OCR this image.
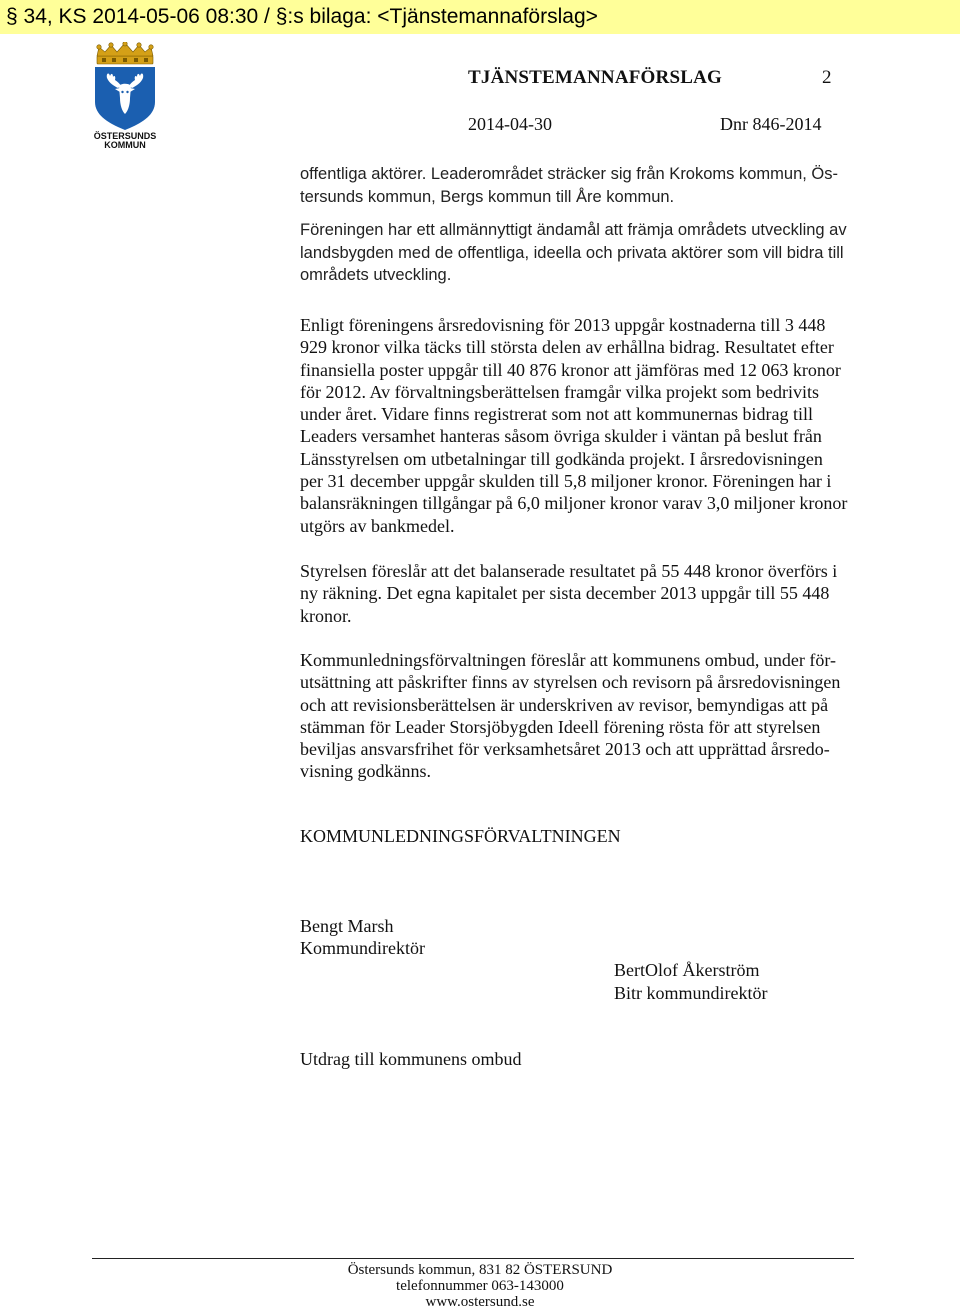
§ 34, KS 2014-05-06 08:30 / §:s bilaga: <Tjänstemannaförslag>
ÖSTERSUNDS
KOMMUN
TJÄNSTEMANNAFÖRSLAG	2
2014-04-30	Dnr 846-2014

offentliga aktörer. Leaderområdet sträcker sig från Krokoms kommun, Ös-
tersunds kommun, Bergs kommun till Åre kommun.

Föreningen har ett allmännyttigt ändamål att främja områdets utveckling av
landsbygden med de offentliga, ideella och privata aktörer som vill bidra till
områdets utveckling.

Enligt föreningens årsredovisning för 2013 uppgår kostnaderna till 3 448
929 kronor vilka täcks till största delen av erhållna bidrag. Resultatet efter
finansiella poster uppgår till 40 876 kronor att jämföras med 12 063 kronor
för 2012. Av förvaltningsberättelsen framgår vilka projekt som bedrivits
under året. Vidare finns registrerat som not att kommunernas bidrag till
Leaders versamhet hanteras såsom övriga skulder i väntan på beslut från
Länsstyrelsen om utbetalningar till godkända projekt. I årsredovisningen
per 31 december uppgår skulden till 5,8 miljoner kronor. Föreningen har i
balansräkningen tillgångar på 6,0 miljoner kronor varav 3,0 miljoner kronor
utgörs av bankmedel.

Styrelsen föreslår att det balanserade resultatet på 55 448 kronor överförs i
ny räkning. Det egna kapitalet per sista december 2013 uppgår till 55 448
kronor.

Kommunledningsförvaltningen föreslår att kommunens ombud, under för-
utsättning att påskrifter finns av styrelsen och revisorn på årsredovisningen
och att revisionsberättelsen är underskriven av revisor, bemyndigas att på
stämman för Leader Storsjöbygden Ideell förening rösta för att styrelsen
beviljas ansvarsfrihet för verksamhetsåret 2013 och att upprättad årsredo-
visning godkänns.

KOMMUNLEDNINGSFÖRVALTNINGEN
Bengt Marsh
Kommundirektör
BertOlof Åkerström
Bitr kommundirektör
Utdrag till kommunens ombud
Östersunds kommun, 831 82 ÖSTERSUND
telefonnummer 063-143000
www.ostersund.se
